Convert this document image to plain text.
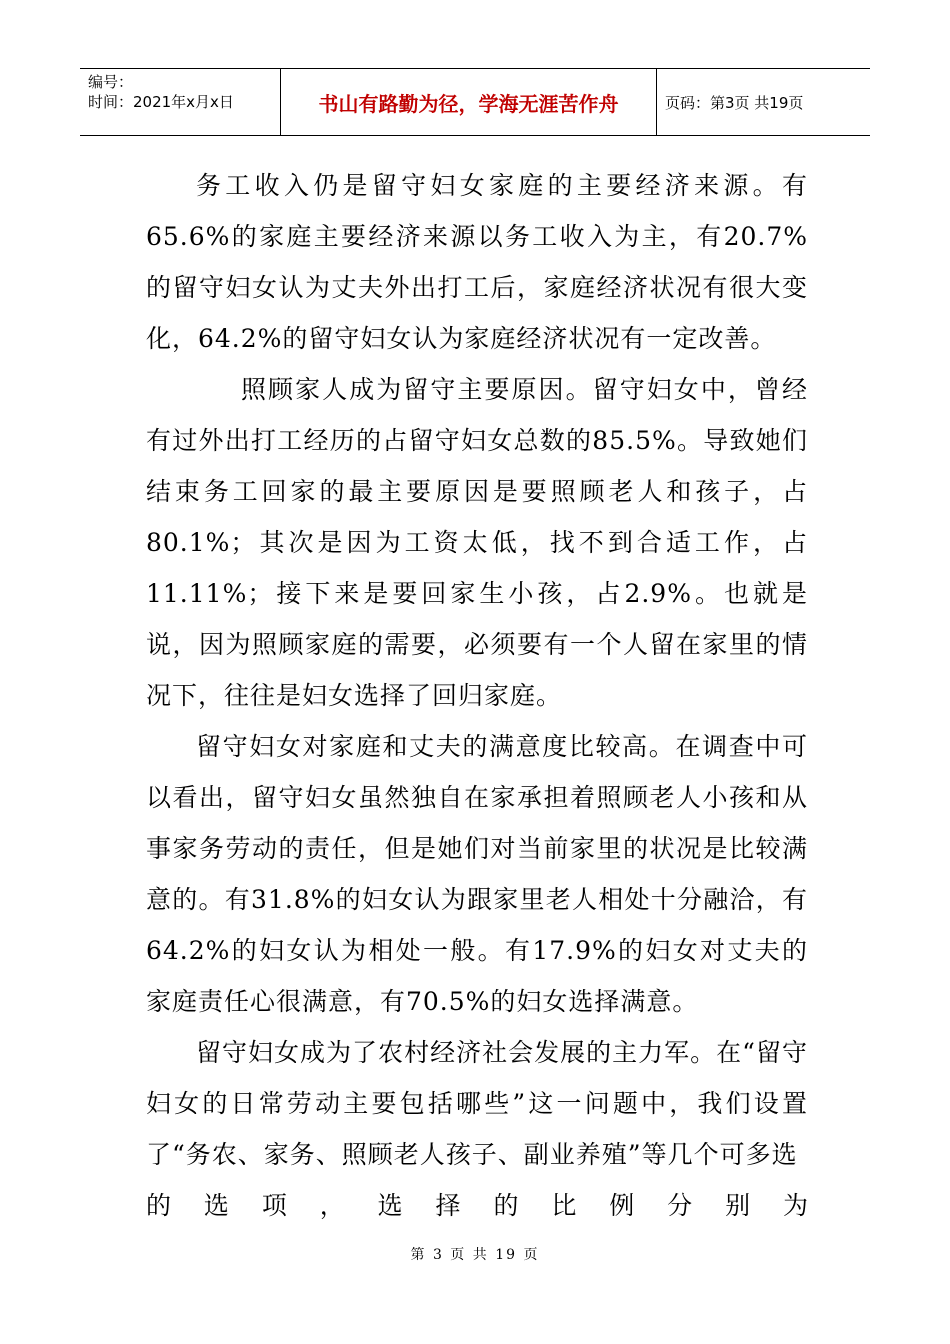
编号：
时间：2021年x月x日	书山有路勤为径，学海无涯苦作舟	页码：第3页 共19页

务工收入仍是留守妇女家庭的主要经济来源。有65.6%的家庭主要经济来源以务工收入为主，有20.7%的留守妇女认为丈夫外出打工后，家庭经济状况有很大变化，64.2%的留守妇女认为家庭经济状况有一定改善。

照顾家人成为留守主要原因。留守妇女中，曾经有过外出打工经历的占留守妇女总数的85.5%。导致她们结束务工回家的最主要原因是要照顾老人和孩子，占80.1%；其次是因为工资太低，找不到合适工作，占11.11%；接下来是要回家生小孩，占2.9%。也就是说，因为照顾家庭的需要，必须要有一个人留在家里的情况下，往往是妇女选择了回归家庭。

留守妇女对家庭和丈夫的满意度比较高。在调查中可以看出，留守妇女虽然独自在家承担着照顾老人小孩和从事家务劳动的责任，但是她们对当前家里的状况是比较满意的。有31.8%的妇女认为跟家里老人相处十分融洽，有64.2%的妇女认为相处一般。有17.9%的妇女对丈夫的家庭责任心很满意，有70.5%的妇女选择满意。

留守妇女成为了农村经济社会发展的主力军。在“留守妇女的日常劳动主要包括哪些”这一问题中，我们设置了“务农、家务、照顾老人孩子、副业养殖”等几个可多选

的 选 项 ， 选 择 的 比 例 分 别 为

第 3 页 共 19 页
